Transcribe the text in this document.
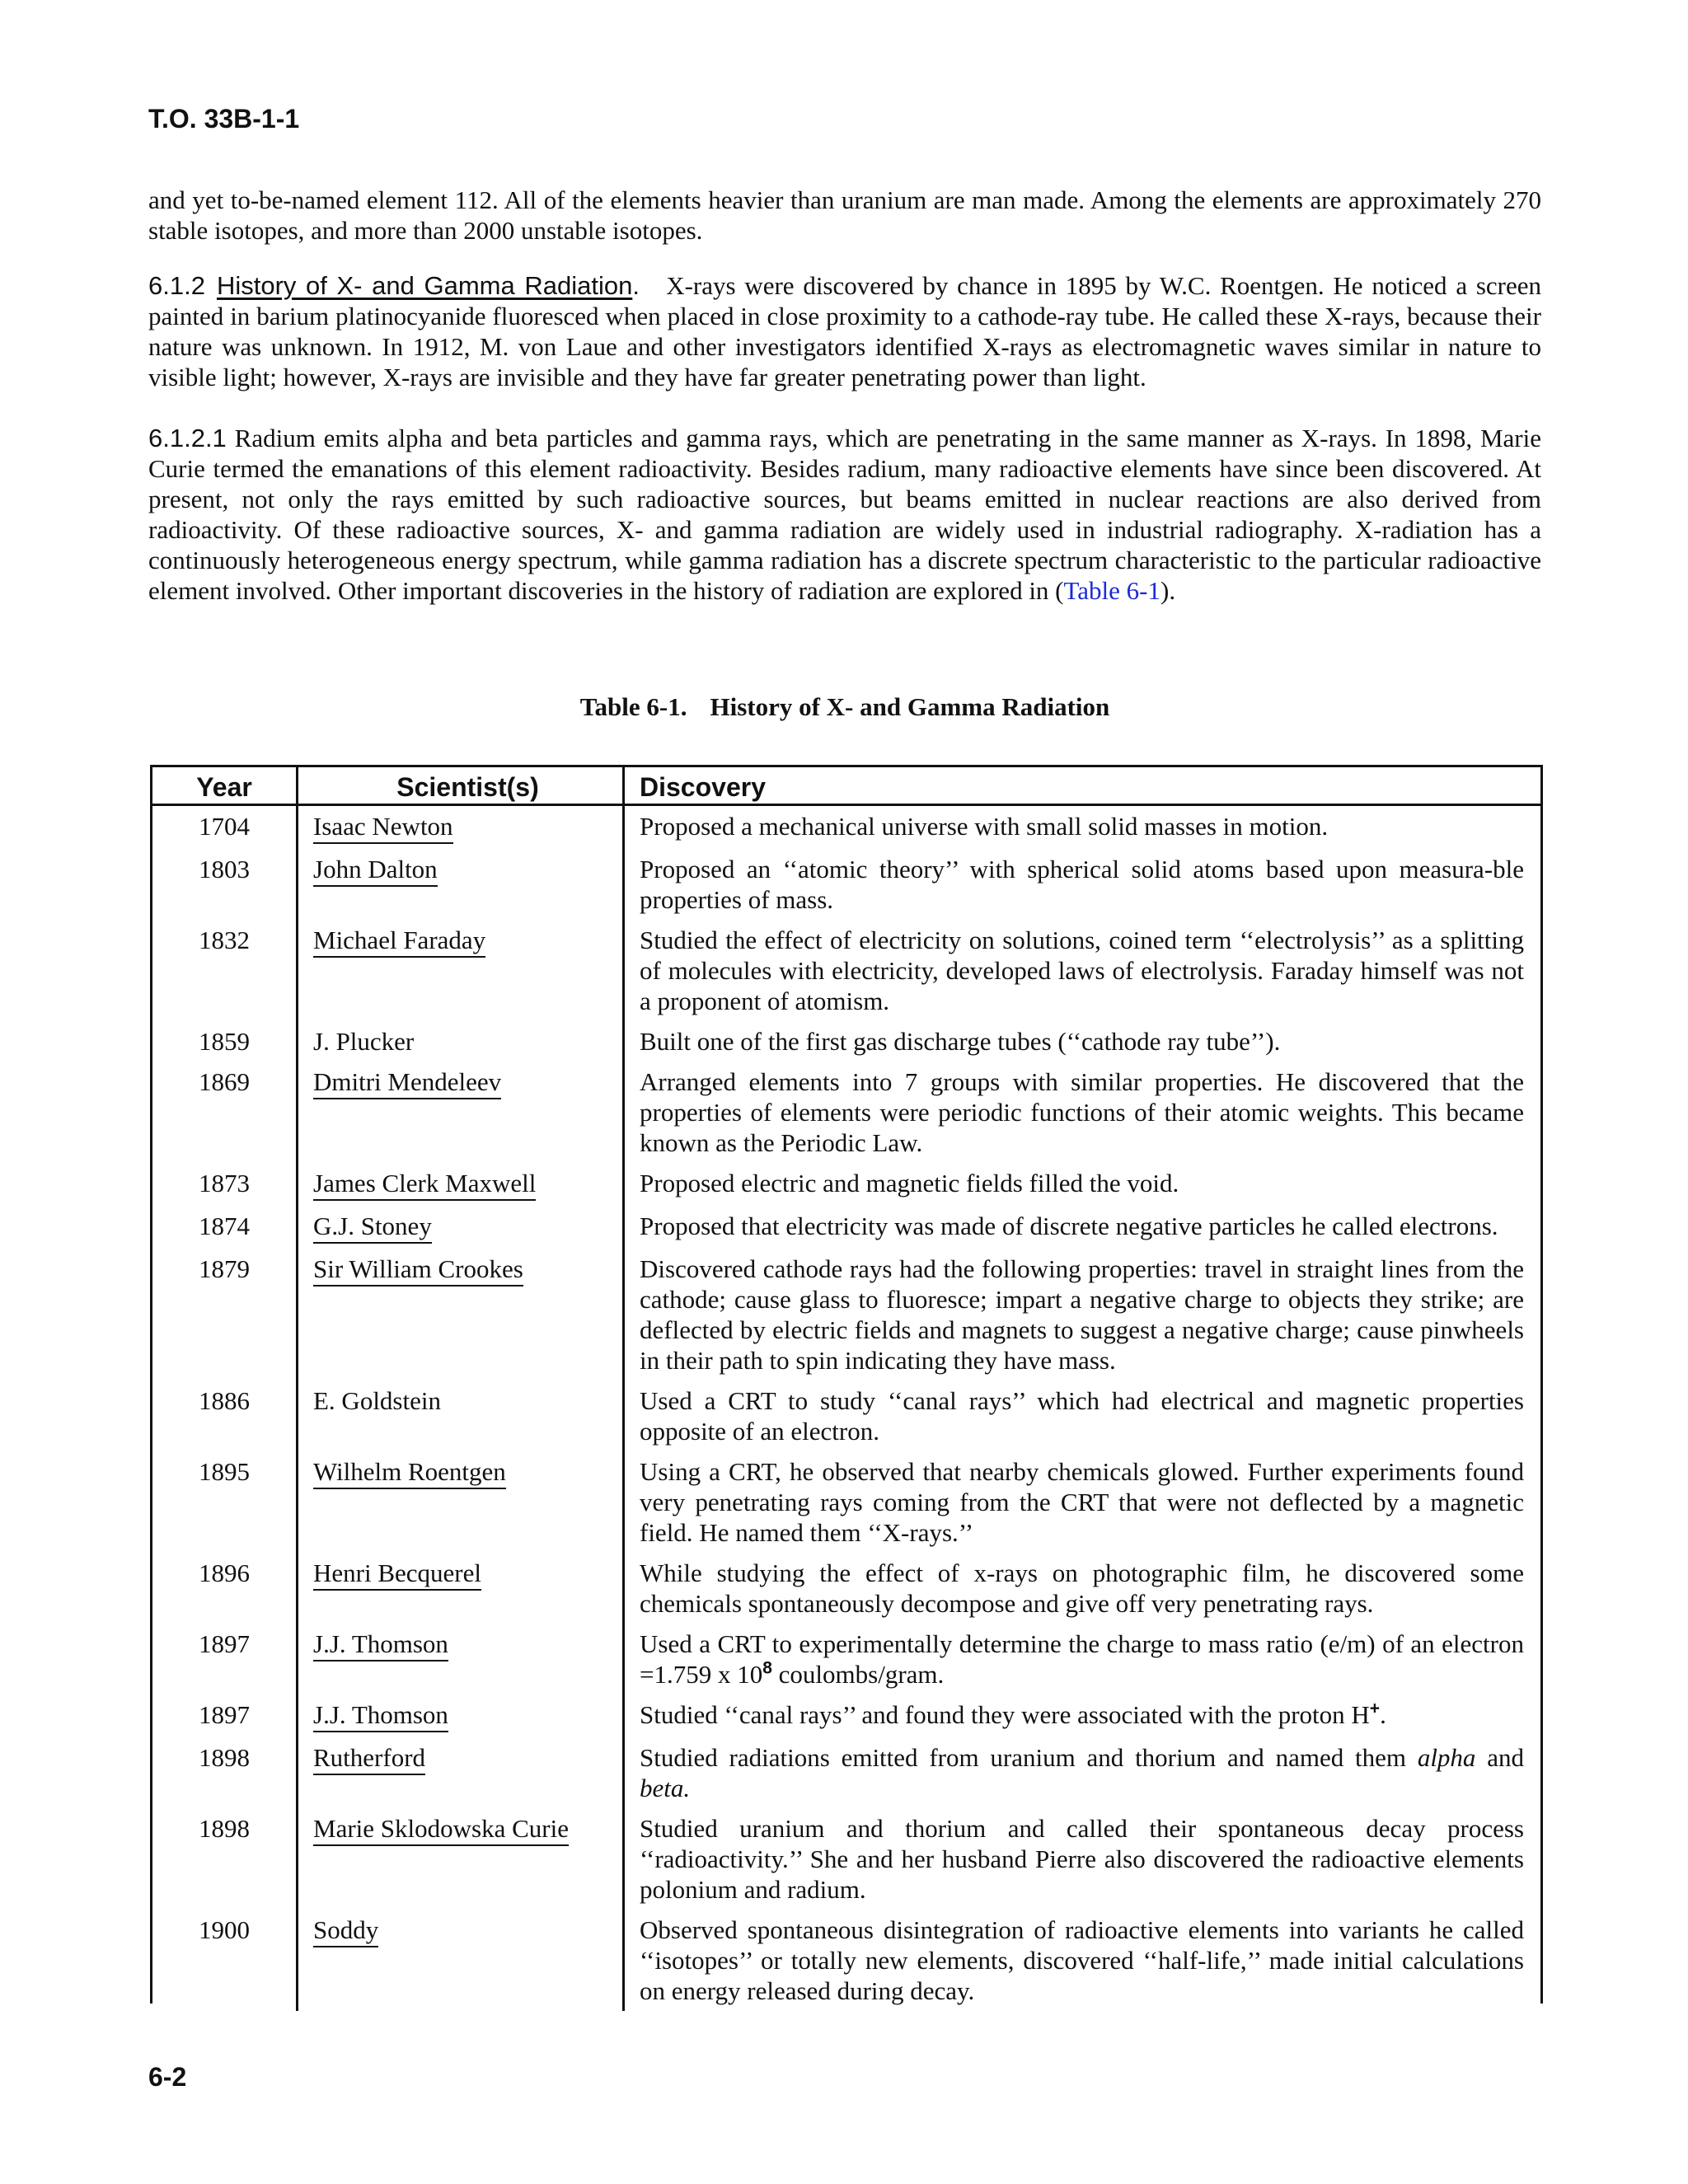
T.O. 33B-1-1

and yet to-be-named element 112. All of the elements heavier than uranium are man made. Among the elements are approximately 270 stable isotopes, and more than 2000 unstable isotopes.

6.1.2 History of X- and Gamma Radiation. X-rays were discovered by chance in 1895 by W.C. Roentgen. He noticed a screen painted in barium platinocyanide fluoresced when placed in close proximity to a cathode-ray tube. He called these X-rays, because their nature was unknown. In 1912, M. von Laue and other investigators identified X-rays as electromagnetic waves similar in nature to visible light; however, X-rays are invisible and they have far greater penetrating power than light.

6.1.2.1 Radium emits alpha and beta particles and gamma rays, which are penetrating in the same manner as X-rays. In 1898, Marie Curie termed the emanations of this element radioactivity. Besides radium, many radioactive elements have since been discovered. At present, not only the rays emitted by such radioactive sources, but beams emitted in nuclear reactions are also derived from radioactivity. Of these radioactive sources, X- and gamma radiation are widely used in industrial radiography. X-radiation has a continuously heterogeneous energy spectrum, while gamma radiation has a discrete spectrum characteristic to the particular radioactive element involved. Other important discoveries in the history of radiation are explored in (Table 6-1).

Table 6-1. History of X- and Gamma Radiation
Year	Scientist(s)	Discovery
1704	Isaac Newton	Proposed a mechanical universe with small solid masses in motion.
1803	John Dalton	Proposed an ‘‘atomic theory’’ with spherical solid atoms based upon measura-ble properties of mass.
1832	Michael Faraday	Studied the effect of electricity on solutions, coined term ‘‘electrolysis’’ as a splitting of molecules with electricity, developed laws of electrolysis. Faraday himself was not a proponent of atomism.
1859	J. Plucker	Built one of the first gas discharge tubes (‘‘cathode ray tube’’).
1869	Dmitri Mendeleev	Arranged elements into 7 groups with similar properties. He discovered that the properties of elements were periodic functions of their atomic weights. This became known as the Periodic Law.
1873	James Clerk Maxwell	Proposed electric and magnetic fields filled the void.
1874	G.J. Stoney	Proposed that electricity was made of discrete negative particles he called electrons.
1879	Sir William Crookes	Discovered cathode rays had the following properties: travel in straight lines from the cathode; cause glass to fluoresce; impart a negative charge to objects they strike; are deflected by electric fields and magnets to suggest a negative charge; cause pinwheels in their path to spin indicating they have mass.
1886	E. Goldstein	Used a CRT to study ‘‘canal rays’’ which had electrical and magnetic properties opposite of an electron.
1895	Wilhelm Roentgen	Using a CRT, he observed that nearby chemicals glowed. Further experiments found very penetrating rays coming from the CRT that were not deflected by a magnetic field. He named them ‘‘X-rays.’’
1896	Henri Becquerel	While studying the effect of x-rays on photographic film, he discovered some chemicals spontaneously decompose and give off very penetrating rays.
1897	J.J. Thomson	Used a CRT to experimentally determine the charge to mass ratio (e/m) of an electron =1.759 x $10^8$ coulombs/gram.
1897	J.J. Thomson	Studied ‘‘canal rays’’ and found they were associated with the proton H+.
1898	Rutherford	Studied radiations emitted from uranium and thorium and named them alpha and beta.
1898	Marie Sklodowska Curie	Studied uranium and thorium and called their spontaneous decay process ‘‘radioactivity.’’ She and her husband Pierre also discovered the radioactive elements polonium and radium.
1900	Soddy	Observed spontaneous disintegration of radioactive elements into variants he called ‘‘isotopes’’ or totally new elements, discovered ‘‘half-life,’’ made initial calculations on energy released during decay.
6-2
